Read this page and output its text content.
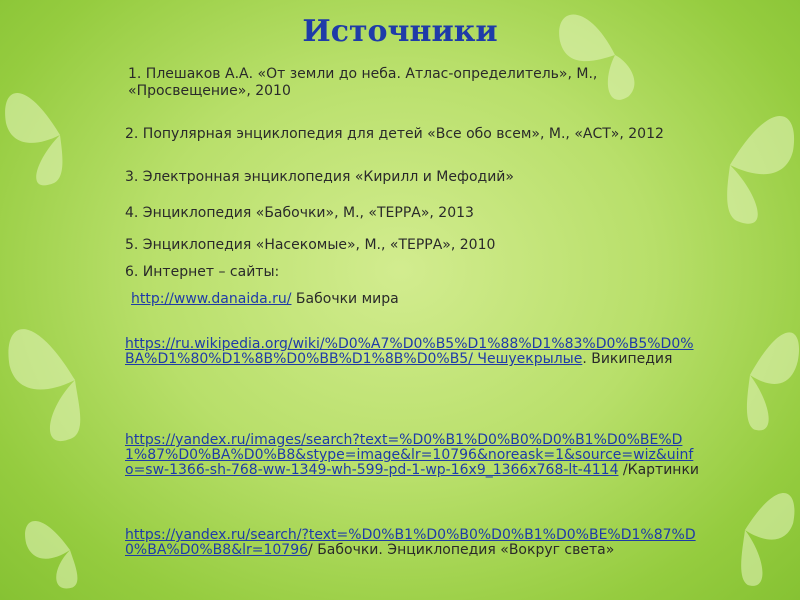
Источники
1. Плешаков А.А. «От земли до неба. Атлас-определитель», М., «Просвещение», 2010
2. Популярная энциклопедия для детей «Все обо всем», М., «АСТ», 2012
3. Электронная энциклопедия «Кирилл и Мефодий»
4. Энциклопедия «Бабочки», М., «ТЕРРА», 2013
5. Энциклопедия «Насекомые», М., «ТЕРРА», 2010
6. Интернет – сайты:
http://www.danaida.ru/ Бабочки мира
https://ru.wikipedia.org/wiki/%D0%A7%D0%B5%D1%88%D1%83%D0%B5%D0%BA%D1%80%D1%8B%D0%BB%D1%8B%D0%B5/ Чешуекрылые. Википедия
https://yandex.ru/images/search?text=%D0%B1%D0%B0%D0%B1%D0%BE%D1%87%D0%BA%D0%B8&stype=image&lr=10796&noreask=1&source=wiz&uinfo=sw-1366-sh-768-ww-1349-wh-599-pd-1-wp-16x9_1366x768-lt-4114 /Картинки
https://yandex.ru/search/?text=%D0%B1%D0%B0%D0%B1%D0%BE%D1%87%D0%BA%D0%B8&lr=10796/ Бабочки. Энциклопедия «Вокруг света»
